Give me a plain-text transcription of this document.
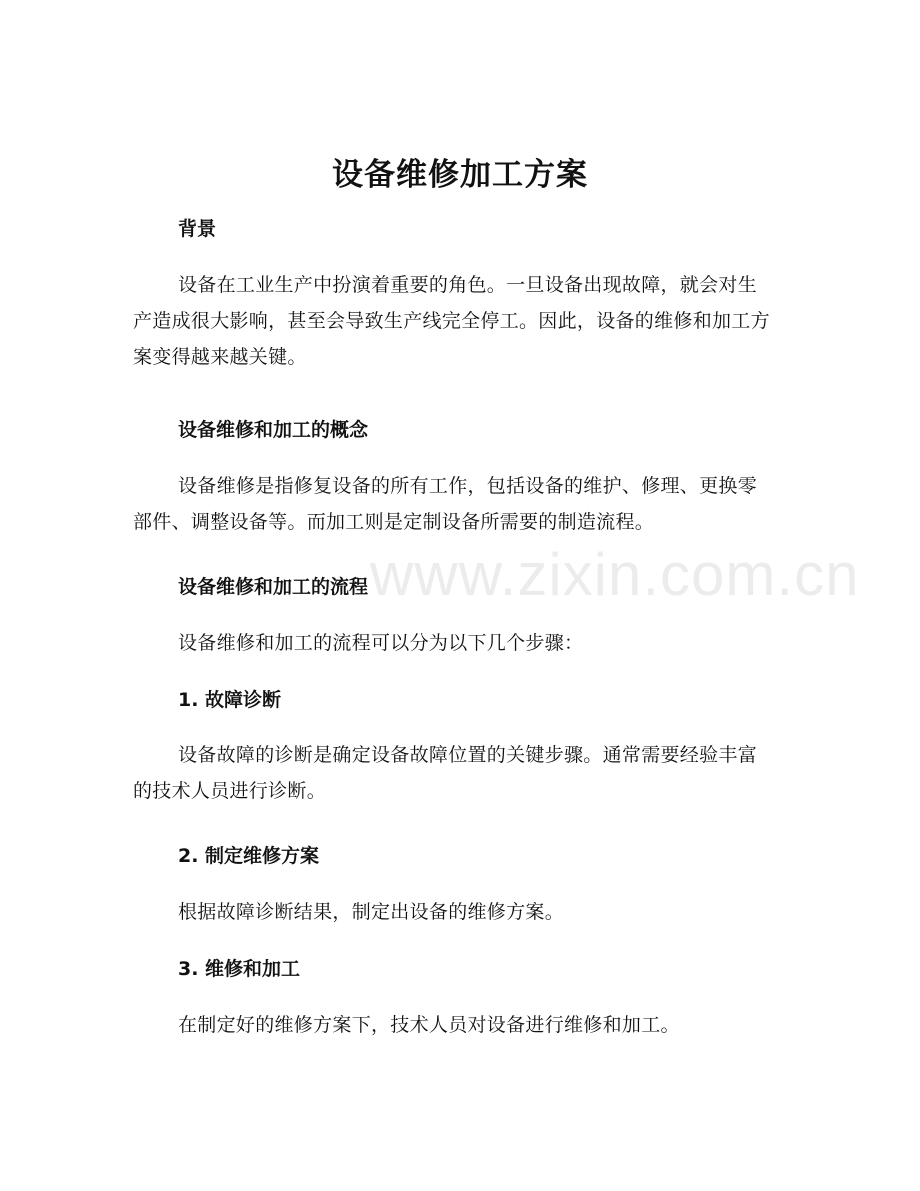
设备维修加工方案
背景

设备在工业生产中扮演着重要的角色。一旦设备出现故障，就会对生产造成很大影响，甚至会导致生产线完全停工。因此，设备的维修和加工方案变得越来越关键。

设备维修和加工的概念

设备维修是指修复设备的所有工作，包括设备的维护、修理、更换零部件、调整设备等。而加工则是定制设备所需要的制造流程。

设备维修和加工的流程

设备维修和加工的流程可以分为以下几个步骤：

1. 故障诊断

设备故障的诊断是确定设备故障位置的关键步骤。通常需要经验丰富的技术人员进行诊断。

2. 制定维修方案

根据故障诊断结果，制定出设备的维修方案。

3. 维修和加工

在制定好的维修方案下，技术人员对设备进行维修和加工。

www.zixin.com.cn
